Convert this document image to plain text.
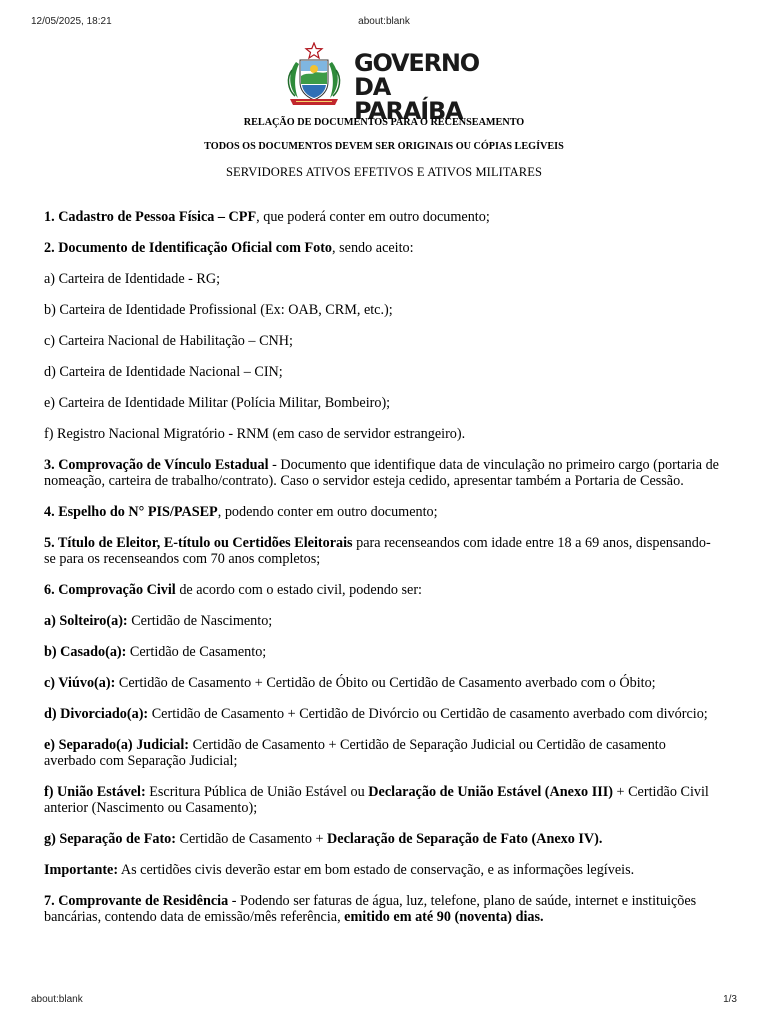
12/05/2025, 18:21	about:blank
GOVERNO
DA PARAÍBA
RELAÇÃO DE DOCUMENTOS PARA O RECENSEAMENTO
TODOS OS DOCUMENTOS DEVEM SER ORIGINAIS OU CÓPIAS LEGÍVEIS
SERVIDORES ATIVOS EFETIVOS E ATIVOS MILITARES

1. Cadastro de Pessoa Física – CPF, que poderá conter em outro documento;

2. Documento de Identificação Oficial com Foto, sendo aceito:

a) Carteira de Identidade - RG;

b) Carteira de Identidade Profissional (Ex: OAB, CRM, etc.);

c) Carteira Nacional de Habilitação – CNH;

d) Carteira de Identidade Nacional – CIN;

e) Carteira de Identidade Militar (Polícia Militar, Bombeiro);

f) Registro Nacional Migratório - RNM (em caso de servidor estrangeiro).

3. Comprovação de Vínculo Estadual - Documento que identifique data de vinculação no primeiro cargo (portaria de nomeação, carteira de trabalho/contrato). Caso o servidor esteja cedido, apresentar também a Portaria de Cessão.

4. Espelho do N° PIS/PASEP, podendo conter em outro documento;

5. Título de Eleitor, E-título ou Certidões Eleitorais para recenseandos com idade entre 18 a 69 anos, dispensando-se para os recenseandos com 70 anos completos;

6. Comprovação Civil de acordo com o estado civil, podendo ser:

a) Solteiro(a): Certidão de Nascimento;

b) Casado(a): Certidão de Casamento;

c) Viúvo(a): Certidão de Casamento + Certidão de Óbito ou Certidão de Casamento averbado com o Óbito;

d) Divorciado(a): Certidão de Casamento + Certidão de Divórcio ou Certidão de casamento averbado com divórcio;

e) Separado(a) Judicial: Certidão de Casamento + Certidão de Separação Judicial ou Certidão de casamento averbado com Separação Judicial;

f) União Estável: Escritura Pública de União Estável ou Declaração de União Estável (Anexo III) + Certidão Civil anterior (Nascimento ou Casamento);

g) Separação de Fato: Certidão de Casamento + Declaração de Separação de Fato (Anexo IV).

Importante: As certidões civis deverão estar em bom estado de conservação, e as informações legíveis.

7. Comprovante de Residência - Podendo ser faturas de água, luz, telefone, plano de saúde, internet e instituições bancárias, contendo data de emissão/mês referência, emitido em até 90 (noventa) dias.

about:blank	1/3
